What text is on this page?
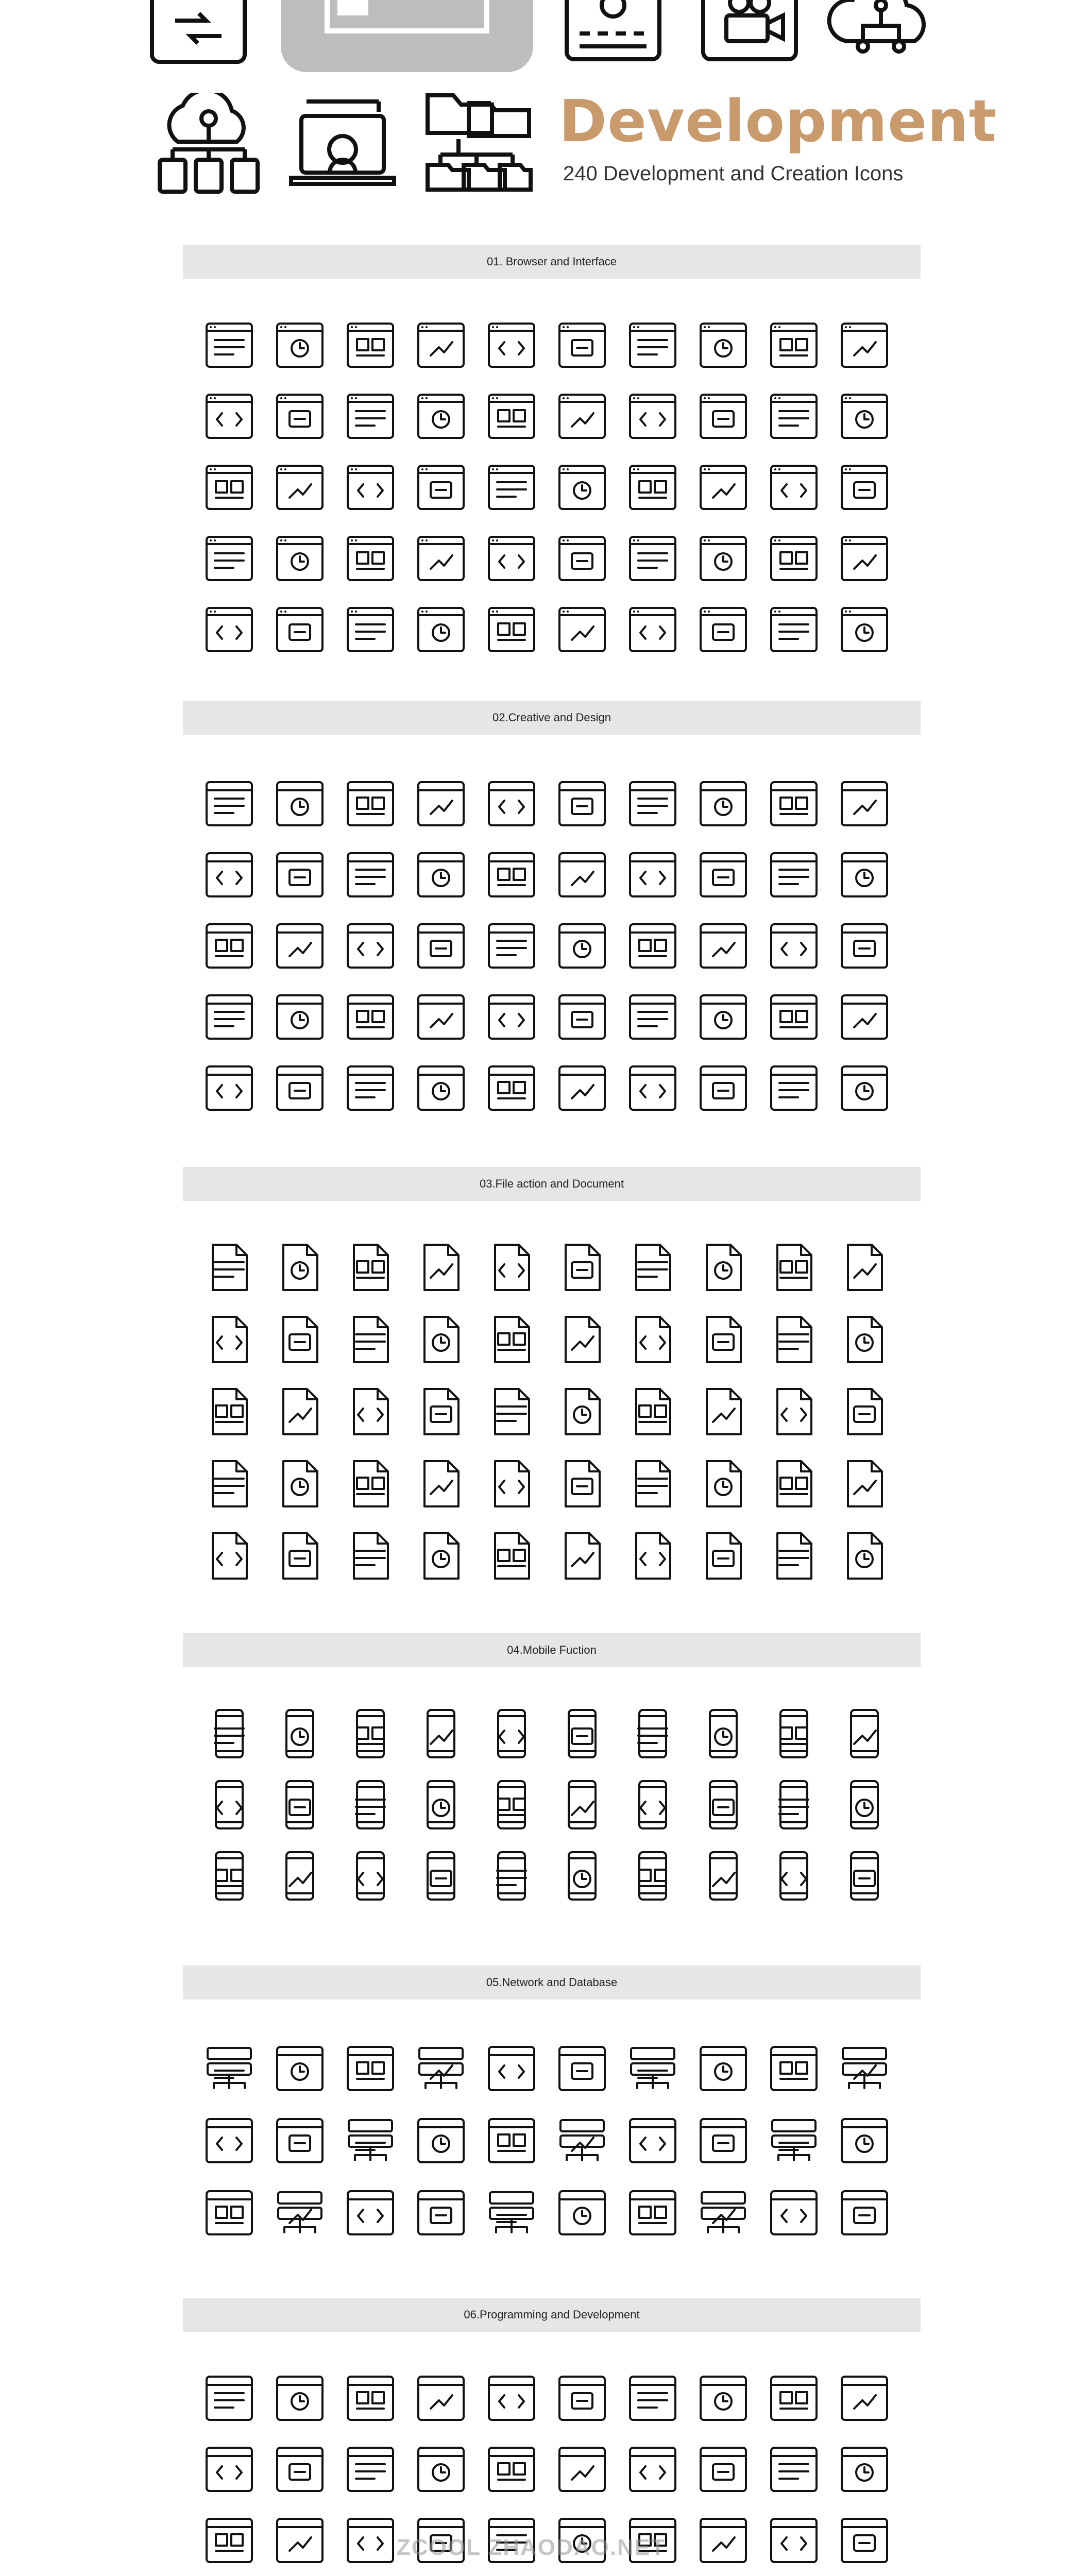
Development
240 Development and Creation Icons
01. Browser and Interface
02.Creative and Design
03.File action and Document
04.Mobile Fuction
05.Network and Database
06.Programming and Development
ZCOOL ZHAODAO.NET
